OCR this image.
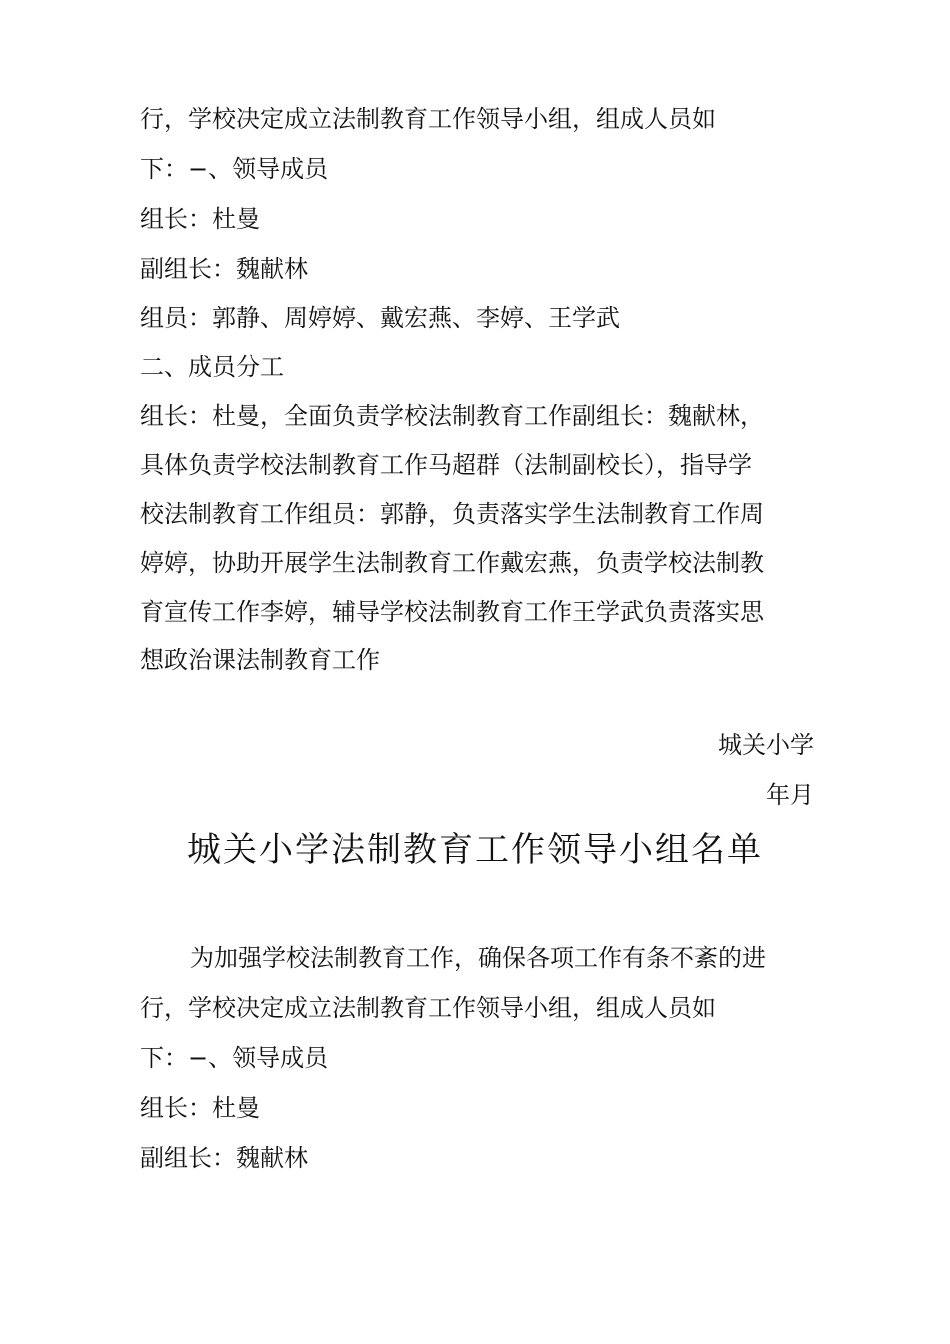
行，学校决定成立法制教育工作领导小组，组成人员如
下：−、领导成员
组长：杜曼
副组长：魏献林
组员：郭静、周婷婷、戴宏燕、李婷、王学武
二、成员分工
组长：杜曼，全面负责学校法制教育工作副组长：魏献林，
具体负责学校法制教育工作马超群（法制副校长），指导学
校法制教育工作组员：郭静，负责落实学生法制教育工作周
婷婷，协助开展学生法制教育工作戴宏燕，负责学校法制教
育宣传工作李婷，辅导学校法制教育工作王学武负责落实思
想政治课法制教育工作
城关小学
年月
城关小学法制教育工作领导小组名单
为加强学校法制教育工作，确保各项工作有条不紊的进
行，学校决定成立法制教育工作领导小组，组成人员如
下：−、领导成员
组长：杜曼
副组长：魏献林
